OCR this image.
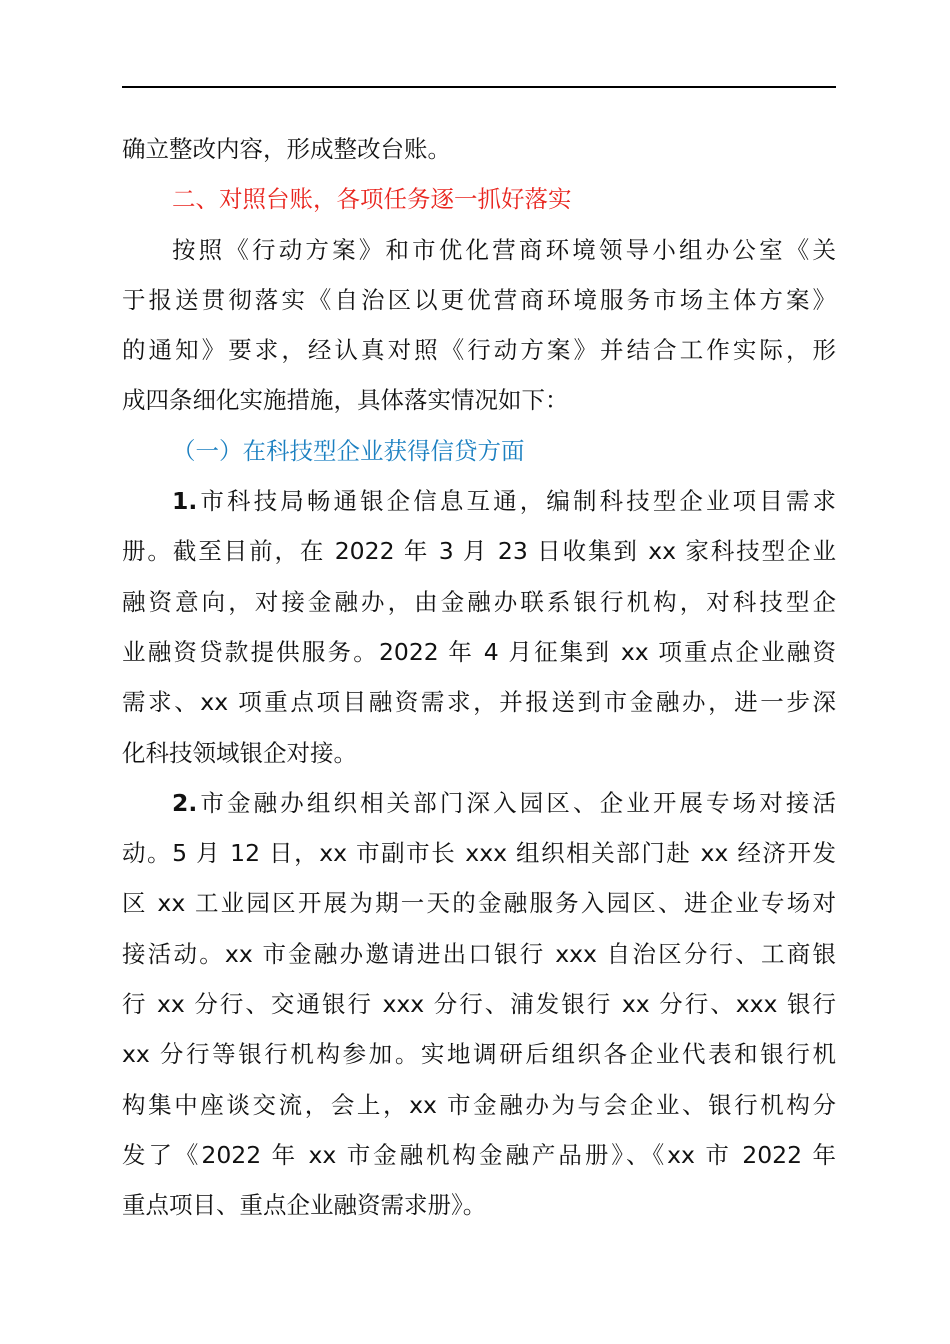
确立整改内容，形成整改台账。
二、对照台账，各项任务逐一抓好落实
按照《行动方案》和市优化营商环境领导小组办公室《关
于报送贯彻落实《自治区以更优营商环境服务市场主体方案》
的通知》要求，经认真对照《行动方案》并结合工作实际，形
成四条细化实施措施，具体落实情况如下：
（一）在科技型企业获得信贷方面
1.市科技局畅通银企信息互通，编制科技型企业项目需求
册。截至目前，在 2022 年 3 月 23 日收集到 xx 家科技型企业
融资意向，对接金融办，由金融办联系银行机构，对科技型企
业融资贷款提供服务。2022 年 4 月征集到 xx 项重点企业融资
需求、xx 项重点项目融资需求，并报送到市金融办，进一步深
化科技领域银企对接。
2.市金融办组织相关部门深入园区、企业开展专场对接活
动。5 月 12 日，xx 市副市长 xxx 组织相关部门赴 xx 经济开发
区 xx 工业园区开展为期一天的金融服务入园区、进企业专场对
接活动。xx 市金融办邀请进出口银行 xxx 自治区分行、工商银
行 xx 分行、交通银行 xxx 分行、浦发银行 xx 分行、xxx 银行
xx 分行等银行机构参加。实地调研后组织各企业代表和银行机
构集中座谈交流，会上，xx 市金融办为与会企业、银行机构分
发了《2022 年 xx 市金融机构金融产品册》、《xx 市 2022 年
重点项目、重点企业融资需求册》。
